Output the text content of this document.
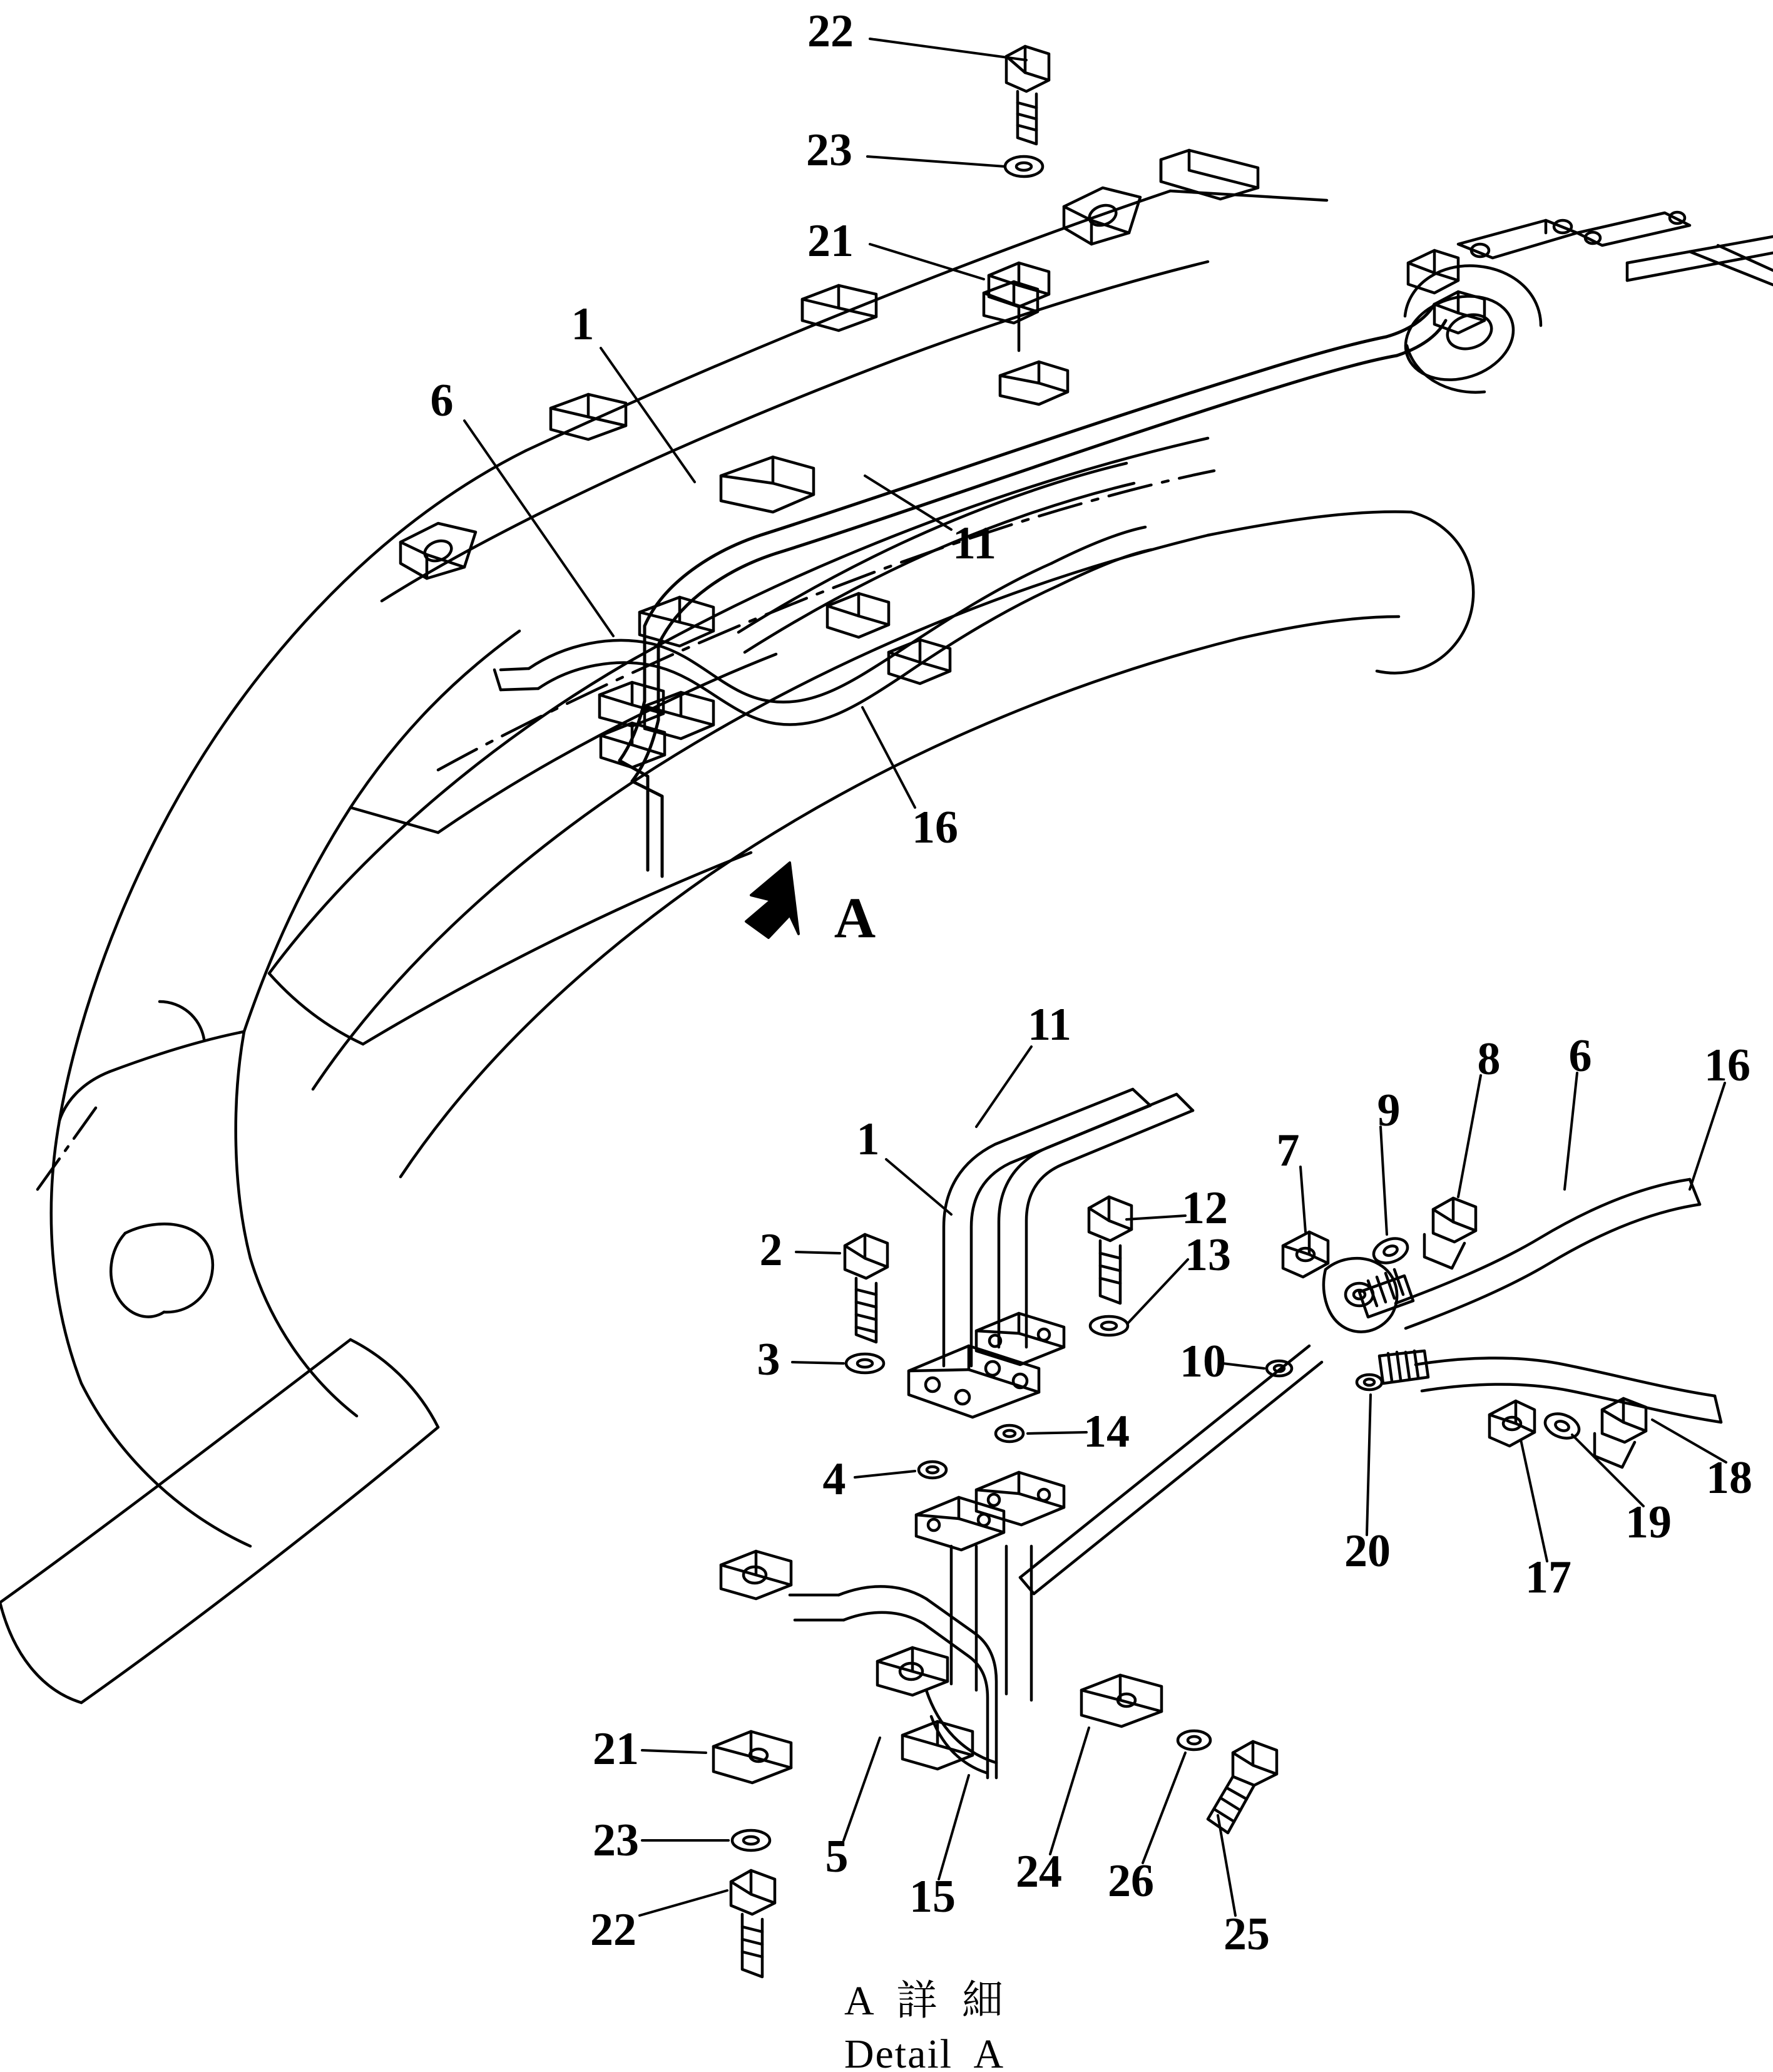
22
23
21
1
6
11
16
11
8 6 16
9
1	7
12
2	13
3	10
14
18
4
19
20
17
21
23	5
15 24 26
22	25
A
A  詳  細
Detail  A
